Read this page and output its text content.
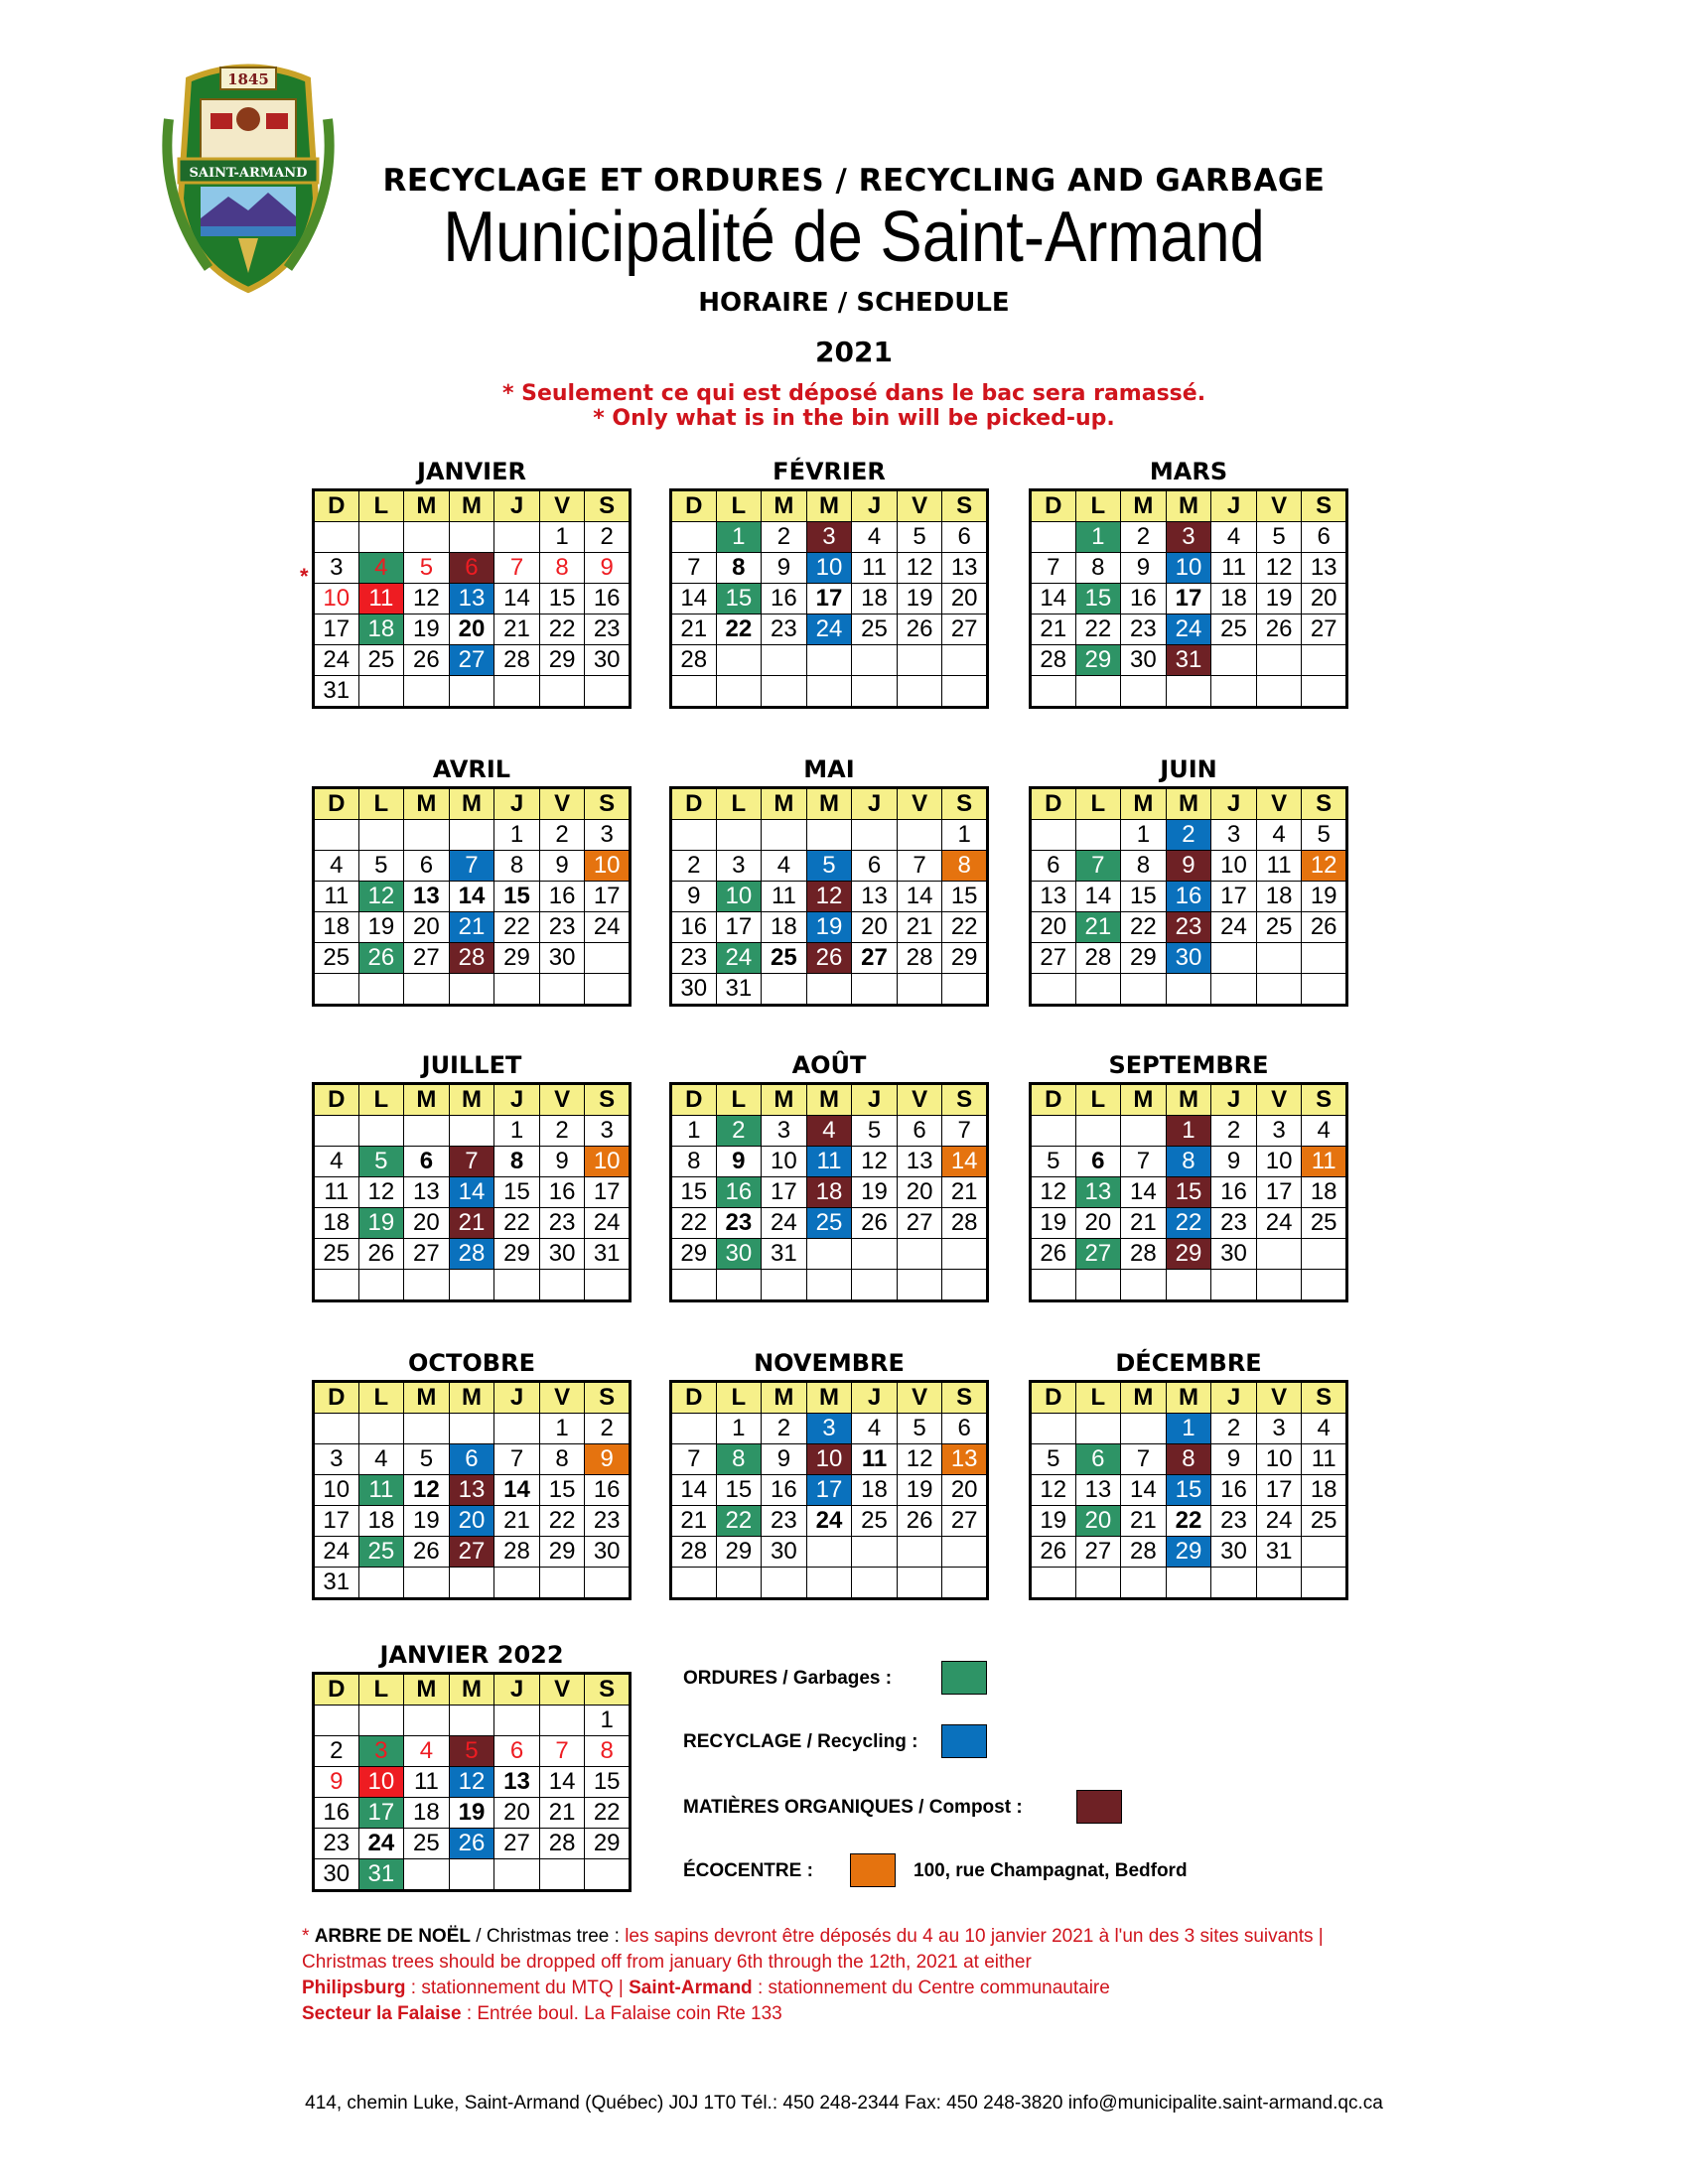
1845
SAINT-ARMAND	RECYCLAGE ET ORDURES / RECYCLING AND GARBAGE
Municipalité de Saint-Armand
HORAIRE / SCHEDULE
2021
* Seulement ce qui est déposé dans le bac sera ramassé.
* Only what is in the bin will be picked-up.
*
JANVIER
D	L	M	M	J	V	S
					1	2
3	4	5	6	7	8	9
10	11	12	13	14	15	16
17	18	19	20	21	22	23
24	25	26	27	28	29	30
31						
FÉVRIER
D	L	M	M	J	V	S
	1	2	3	4	5	6
7	8	9	10	11	12	13
14	15	16	17	18	19	20
21	22	23	24	25	26	27
28						

MARS
D	L	M	M	J	V	S
	1	2	3	4	5	6
7	8	9	10	11	12	13
14	15	16	17	18	19	20
21	22	23	24	25	26	27
28	29	30	31			

AVRIL
D	L	M	M	J	V	S
				1	2	3
4	5	6	7	8	9	10
11	12	13	14	15	16	17
18	19	20	21	22	23	24
25	26	27	28	29	30	

MAI
D	L	M	M	J	V	S
						1
2	3	4	5	6	7	8
9	10	11	12	13	14	15
16	17	18	19	20	21	22
23	24	25	26	27	28	29
30	31					
JUIN
D	L	M	M	J	V	S
		1	2	3	4	5
6	7	8	9	10	11	12
13	14	15	16	17	18	19
20	21	22	23	24	25	26
27	28	29	30			

JUILLET
D	L	M	M	J	V	S
				1	2	3
4	5	6	7	8	9	10
11	12	13	14	15	16	17
18	19	20	21	22	23	24
25	26	27	28	29	30	31

AOÛT
D	L	M	M	J	V	S
1	2	3	4	5	6	7
8	9	10	11	12	13	14
15	16	17	18	19	20	21
22	23	24	25	26	27	28
29	30	31				

SEPTEMBRE
D	L	M	M	J	V	S
			1	2	3	4
5	6	7	8	9	10	11
12	13	14	15	16	17	18
19	20	21	22	23	24	25
26	27	28	29	30		

OCTOBRE
D	L	M	M	J	V	S
					1	2
3	4	5	6	7	8	9
10	11	12	13	14	15	16
17	18	19	20	21	22	23
24	25	26	27	28	29	30
31						
NOVEMBRE
D	L	M	M	J	V	S
	1	2	3	4	5	6
7	8	9	10	11	12	13
14	15	16	17	18	19	20
21	22	23	24	25	26	27
28	29	30				

DÉCEMBRE
D	L	M	M	J	V	S
			1	2	3	4
5	6	7	8	9	10	11
12	13	14	15	16	17	18
19	20	21	22	23	24	25
26	27	28	29	30	31	

JANVIER 2022
D	L	M	M	J	V	S
						1
2	3	4	5	6	7	8
9	10	11	12	13	14	15
16	17	18	19	20	21	22
23	24	25	26	27	28	29
30	31					
ORDURES / Garbages :
RECYCLAGE / Recycling :
MATIÈRES ORGANIQUES / Compost :
ÉCOCENTRE :	100, rue Champagnat, Bedford
* ARBRE DE NOËL / Christmas tree : les sapins devront être déposés du 4 au 10 janvier 2021 à l'un des 3 sites suivants | Christmas trees should be dropped off from january 6th through the 12th, 2021 at either
Philipsburg : stationnement du MTQ | Saint-Armand : stationnement du Centre communautaire
Secteur la Falaise : Entrée boul. La Falaise coin Rte 133
414, chemin Luke, Saint-Armand (Québec) J0J 1T0 Tél.: 450 248-2344 Fax: 450 248-3820 info@municipalite.saint-armand.qc.ca
